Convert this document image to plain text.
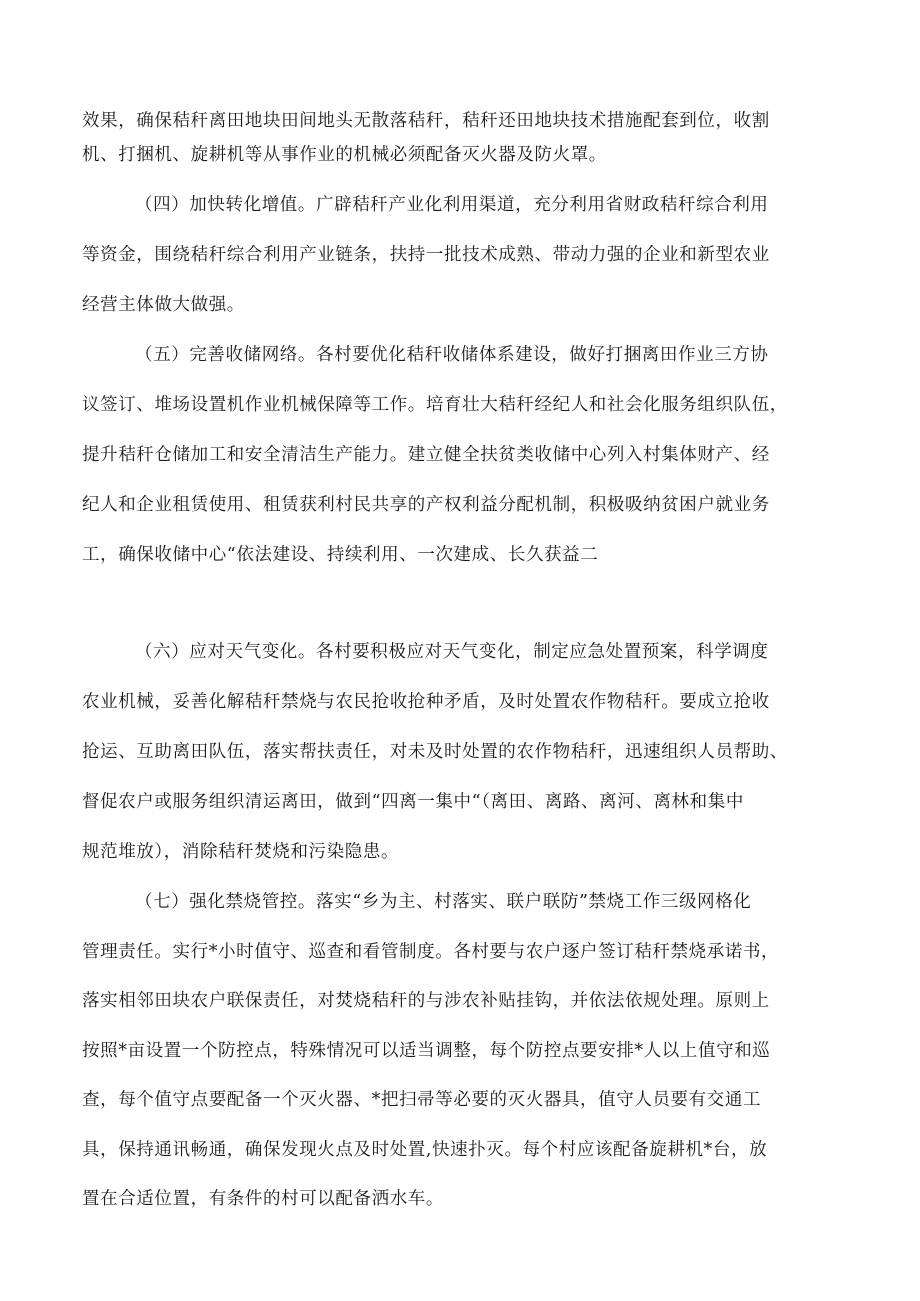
效果，确保秸秆离田地块田间地头无散落秸秆，秸秆还田地块技术措施配套到位，收割
机、打捆机、旋耕机等从事作业的机械必须配备灭火器及防火罩。
（四）加快转化增值。广辟秸秆产业化利用渠道，充分利用省财政秸秆综合利用
等资金，围绕秸秆综合利用产业链条，扶持一批技术成熟、带动力强的企业和新型农业
经营主体做大做强。
（五）完善收储网络。各村要优化秸秆收储体系建设，做好打捆离田作业三方协
议签订、堆场设置机作业机械保障等工作。培育壮大秸秆经纪人和社会化服务组织队伍，
提升秸秆仓储加工和安全清洁生产能力。建立健全扶贫类收储中心列入村集体财产、经
纪人和企业租赁使用、租赁获利村民共享的产权利益分配机制，积极吸纳贫困户就业务
工，确保收储中心“依法建设、持续利用、一次建成、长久获益二
（六）应对天气变化。各村要积极应对天气变化，制定应急处置预案，科学调度
农业机械，妥善化解秸秆禁烧与农民抢收抢种矛盾，及时处置农作物秸秆。要成立抢收
抢运、互助离田队伍，落实帮扶责任，对未及时处置的农作物秸秆，迅速组织人员帮助、
督促农户或服务组织清运离田，做到“四离一集中“（离田、离路、离河、离林和集中
规范堆放），消除秸秆焚烧和污染隐患。
（七）强化禁烧管控。落实“乡为主、村落实、联户联防”禁烧工作三级网格化
管理责任。实行*小时值守、巡查和看管制度。各村要与农户逐户签订秸秆禁烧承诺书，
落实相邻田块农户联保责任，对焚烧秸秆的与涉农补贴挂钩，并依法依规处理。原则上
按照*亩设置一个防控点，特殊情况可以适当调整，每个防控点要安排*人以上值守和巡
查，每个值守点要配备一个灭火器、*把扫帚等必要的灭火器具，值守人员要有交通工
具，保持通讯畅通，确保发现火点及时处置,快速扑灭。每个村应该配备旋耕机*台，放
置在合适位置，有条件的村可以配备洒水车。
